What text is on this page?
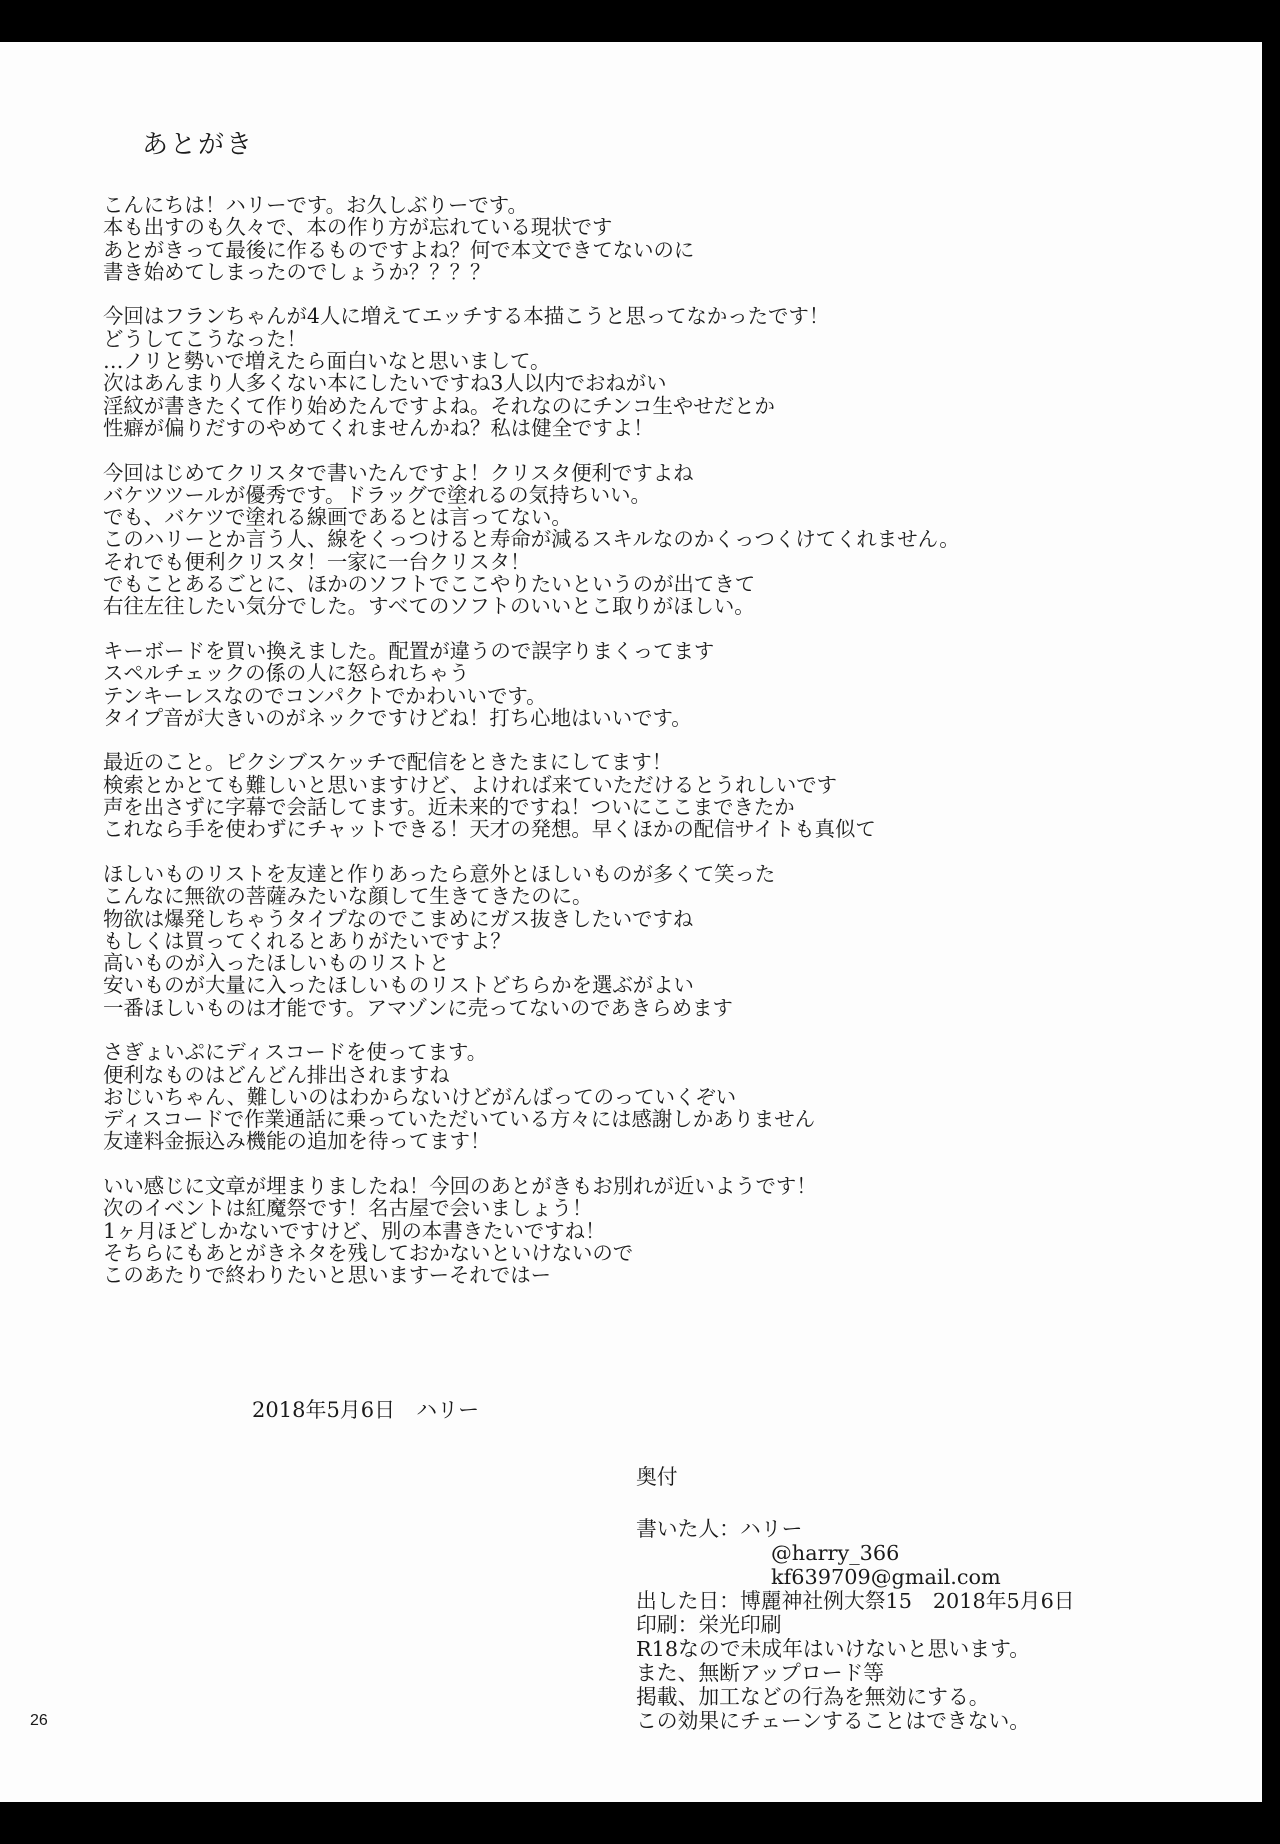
あとがき
こんにちは！ハリーです。お久しぶりーです。
本も出すのも久々で、本の作り方が忘れている現状です
あとがきって最後に作るものですよね？何で本文できてないのに
書き始めてしまったのでしょうか？？？？
今回はフランちゃんが4人に増えてエッチする本描こうと思ってなかったです！
どうしてこうなった！
…ノリと勢いで増えたら面白いなと思いまして。
次はあんまり人多くない本にしたいですね3人以内でおねがい
淫紋が書きたくて作り始めたんですよね。それなのにチンコ生やせだとか
性癖が偏りだすのやめてくれませんかね？私は健全ですよ！
今回はじめてクリスタで書いたんですよ！クリスタ便利ですよね
バケツツールが優秀です。ドラッグで塗れるの気持ちいい。
でも、バケツで塗れる線画であるとは言ってない。
このハリーとか言う人、線をくっつけると寿命が減るスキルなのかくっつくけてくれません。
それでも便利クリスタ！一家に一台クリスタ！
でもことあるごとに、ほかのソフトでここやりたいというのが出てきて
右往左往したい気分でした。すべてのソフトのいいとこ取りがほしい。
キーボードを買い換えました。配置が違うので誤字りまくってます
スペルチェックの係の人に怒られちゃう
テンキーレスなのでコンパクトでかわいいです。
タイプ音が大きいのがネックですけどね！打ち心地はいいです。
最近のこと。ピクシブスケッチで配信をときたまにしてます！
検索とかとても難しいと思いますけど、よければ来ていただけるとうれしいです
声を出さずに字幕で会話してます。近未来的ですね！ついにここまできたか
これなら手を使わずにチャットできる！天才の発想。早くほかの配信サイトも真似て
ほしいものリストを友達と作りあったら意外とほしいものが多くて笑った
こんなに無欲の菩薩みたいな顔して生きてきたのに。
物欲は爆発しちゃうタイプなのでこまめにガス抜きしたいですね
もしくは買ってくれるとありがたいですよ？
高いものが入ったほしいものリストと
安いものが大量に入ったほしいものリストどちらかを選ぶがよい
一番ほしいものは才能です。アマゾンに売ってないのであきらめます
さぎょいぷにディスコードを使ってます。
便利なものはどんどん排出されますね
おじいちゃん、難しいのはわからないけどがんばってのっていくぞい
ディスコードで作業通話に乗っていただいている方々には感謝しかありません
友達料金振込み機能の追加を待ってます！
いい感じに文章が埋まりましたね！今回のあとがきもお別れが近いようです！
次のイベントは紅魔祭です！名古屋で会いましょう！
1ヶ月ほどしかないですけど、別の本書きたいですね！
そちらにもあとがきネタを残しておかないといけないので
このあたりで終わりたいと思いますーそれではー
2018年5月6日　ハリー
奥付
書いた人：ハリー
@harry_366
kf639709@gmail.com
出した日：博麗神社例大祭15　2018年5月6日
印刷：栄光印刷
R18なので未成年はいけないと思います。
また、無断アップロード等
掲載、加工などの行為を無効にする。
この効果にチェーンすることはできない。
26
